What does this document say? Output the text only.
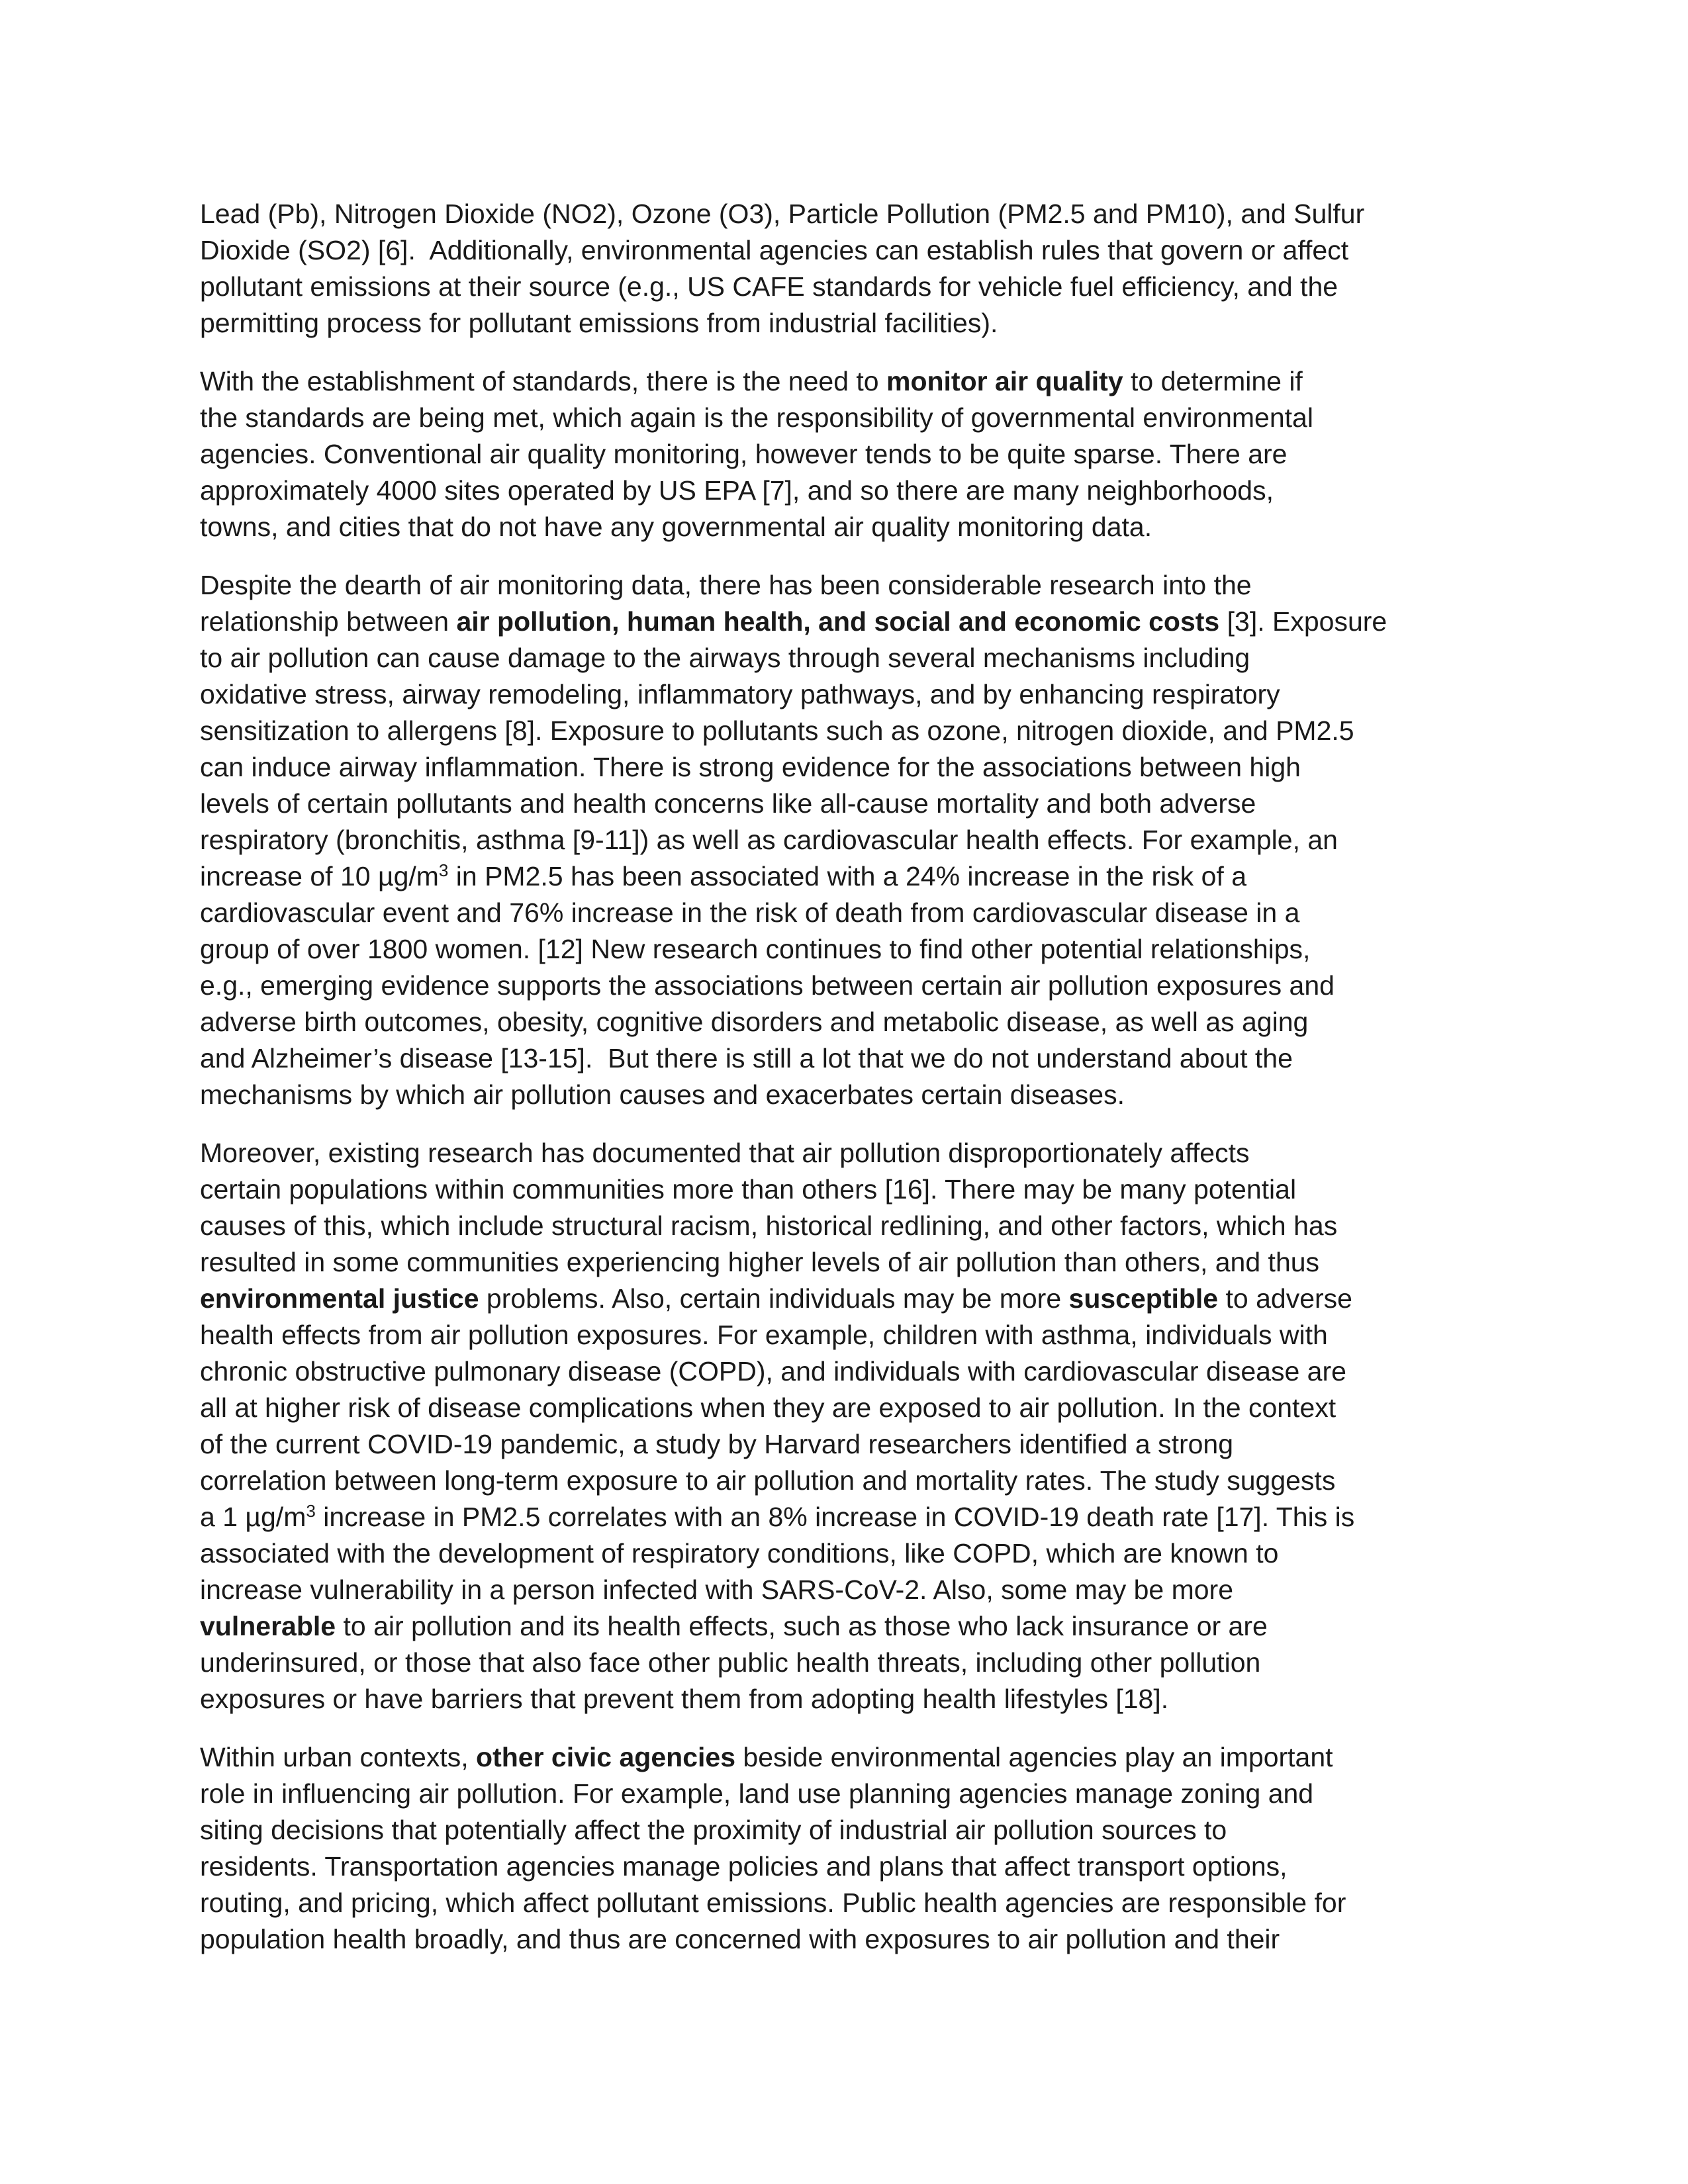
Lead (Pb), Nitrogen Dioxide (NO2), Ozone (O3), Particle Pollution (PM2.5 and PM10), and Sulfur
Dioxide (SO2) [6].  Additionally, environmental agencies can establish rules that govern or affect
pollutant emissions at their source (e.g., US CAFE standards for vehicle fuel efficiency, and the
permitting process for pollutant emissions from industrial facilities).
With the establishment of standards, there is the need to monitor air quality to determine if
the standards are being met, which again is the responsibility of governmental environmental
agencies. Conventional air quality monitoring, however tends to be quite sparse. There are
approximately 4000 sites operated by US EPA [7], and so there are many neighborhoods,
towns, and cities that do not have any governmental air quality monitoring data.
Despite the dearth of air monitoring data, there has been considerable research into the
relationship between air pollution, human health, and social and economic costs [3]. Exposure
to air pollution can cause damage to the airways through several mechanisms including
oxidative stress, airway remodeling, inflammatory pathways, and by enhancing respiratory
sensitization to allergens [8]. Exposure to pollutants such as ozone, nitrogen dioxide, and PM2.5
can induce airway inflammation. There is strong evidence for the associations between high
levels of certain pollutants and health concerns like all-cause mortality and both adverse
respiratory (bronchitis, asthma [9-11]) as well as cardiovascular health effects. For example, an
increase of 10 $\mu g/m^3$ in PM2.5 has been associated with a 24% increase in the risk of a
cardiovascular event and 76% increase in the risk of death from cardiovascular disease in a
group of over 1800 women. [12] New research continues to find other potential relationships,
e.g., emerging evidence supports the associations between certain air pollution exposures and
adverse birth outcomes, obesity, cognitive disorders and metabolic disease, as well as aging
and Alzheimer’s disease [13-15].  But there is still a lot that we do not understand about the
mechanisms by which air pollution causes and exacerbates certain diseases.
Moreover, existing research has documented that air pollution disproportionately affects
certain populations within communities more than others [16]. There may be many potential
causes of this, which include structural racism, historical redlining, and other factors, which has
resulted in some communities experiencing higher levels of air pollution than others, and thus
environmental justice problems. Also, certain individuals may be more susceptible to adverse
health effects from air pollution exposures. For example, children with asthma, individuals with
chronic obstructive pulmonary disease (COPD), and individuals with cardiovascular disease are
all at higher risk of disease complications when they are exposed to air pollution. In the context
of the current COVID-19 pandemic, a study by Harvard researchers identified a strong
correlation between long-term exposure to air pollution and mortality rates. The study suggests
a 1 $\mu g/m^3$ increase in PM2.5 correlates with an 8% increase in COVID-19 death rate [17]. This is
associated with the development of respiratory conditions, like COPD, which are known to
increase vulnerability in a person infected with SARS-CoV-2. Also, some may be more
vulnerable to air pollution and its health effects, such as those who lack insurance or are
underinsured, or those that also face other public health threats, including other pollution
exposures or have barriers that prevent them from adopting health lifestyles [18].
Within urban contexts, other civic agencies beside environmental agencies play an important
role in influencing air pollution. For example, land use planning agencies manage zoning and
siting decisions that potentially affect the proximity of industrial air pollution sources to
residents. Transportation agencies manage policies and plans that affect transport options,
routing, and pricing, which affect pollutant emissions. Public health agencies are responsible for
population health broadly, and thus are concerned with exposures to air pollution and their
